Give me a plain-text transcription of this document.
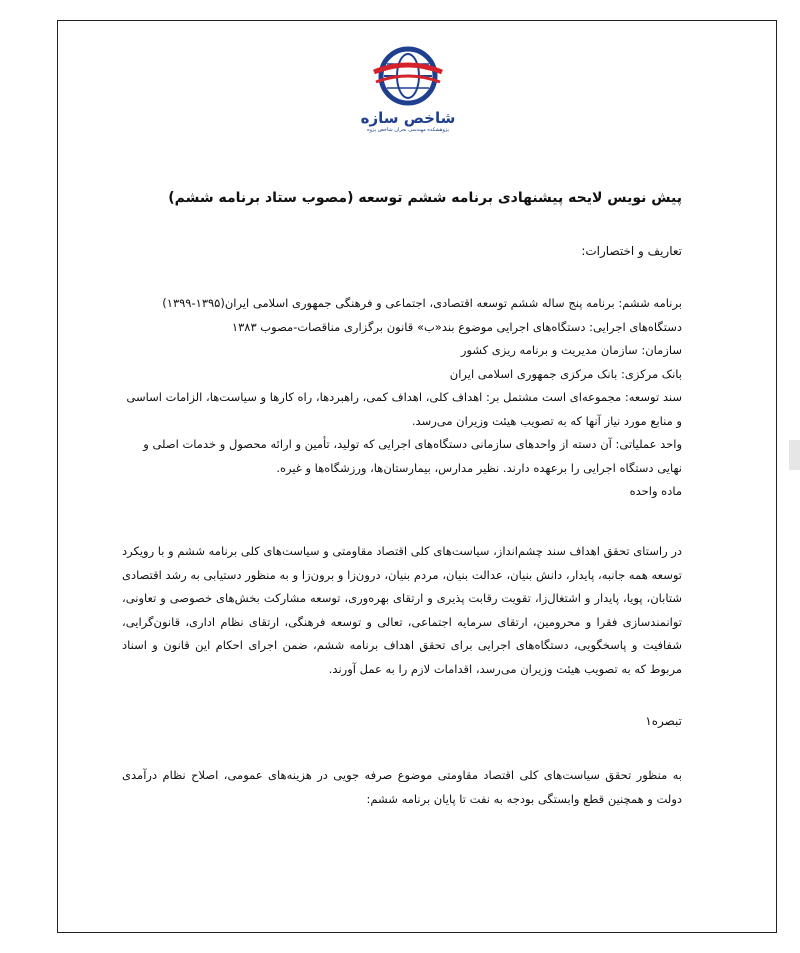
شاخص سازه
پژوهشکده مهندسی بحران شاخص پژوه
پیش نویس لایحه پیشنهادی برنامه ششم توسعه (مصوب ستاد برنامه ششم)
تعاریف و اختصارات:

برنامه ششم: برنامه پنج ساله ششم توسعه اقتصادی، اجتماعی و فرهنگی جمهوری اسلامی ایران(۱۳۹۵-۱۳۹۹)

دستگاه‌های اجرایی: دستگاه‌های اجرایی موضوع بند«ب» قانون برگزاری مناقصات-مصوب ۱۳۸۳

سازمان: سازمان مدیریت و برنامه ریزی کشور

بانک مرکزی: بانک مرکزی جمهوری اسلامی ایران

سند توسعه: مجموعه‌ای است مشتمل بر: اهداف کلی، اهداف کمی، راهبردها، راه کارها و سیاست‌ها، الزامات اساسی و منابع مورد نیاز آنها که به تصویب هیئت وزیران می‌رسد.

واحد عملیاتی: آن دسته از واحدهای سازمانی دستگاه‌های اجرایی که تولید، تأمین و ارائه محصول و خدمات اصلی و نهایی دستگاه اجرایی را برعهده دارند. نظیر مدارس، بیمارستان‌ها، ورزشگاه‌ها و غیره.

ماده واحده

در راستای تحقق اهداف سند چشم‌انداز، سیاست‌های کلی اقتصاد مقاومتی و سیاست‌های کلی برنامه ششم و با رویکرد توسعه همه جانبه، پایدار، دانش بنیان، عدالت بنیان، مردم بنیان، درون‌زا و برون‌زا و به منظور دستیابی به رشد اقتصادی شتابان، پویا، پایدار و اشتغال‌زا، تقویت رقابت پذیری و ارتقای بهره‌وری، توسعه مشارکت بخش‌های خصوصی و تعاونی، توانمندسازی فقرا و محرومین، ارتقای سرمایه اجتماعی، تعالی و توسعه فرهنگی، ارتقای نظام اداری، قانون‌گرایی، شفافیت و پاسخگویی، دستگاه‌های اجرایی برای تحقق اهداف برنامه ششم، ضمن اجرای احکام این قانون و اسناد مربوط که به تصویب هیئت وزیران می‌رسد، اقدامات لازم را به عمل آورند.
تبصره۱
به منظور تحقق سیاست‌های کلی اقتصاد مقاومتی موضوع صرفه جویی در هزینه‌های عمومی، اصلاح نظام درآمدی دولت و همچنین قطع وابستگی بودجه به نفت تا پایان برنامه ششم:
